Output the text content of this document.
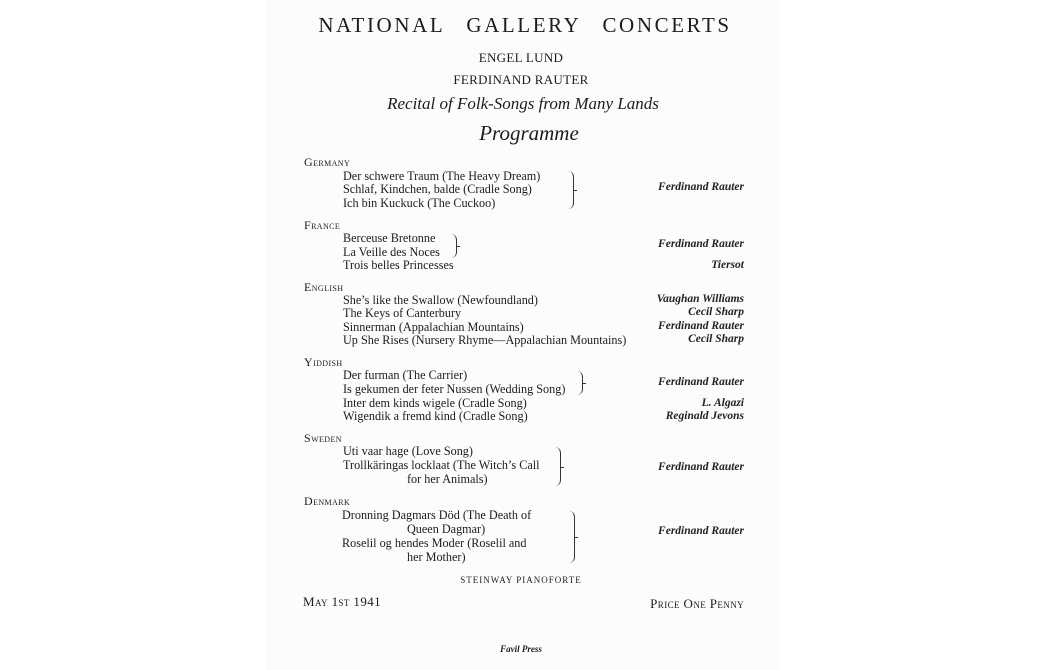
NATIONAL GALLERY CONCERTS
ENGEL LUND
FERDINAND RAUTER
Recital of Folk-Songs from Many Lands
Programme
Germany
Der schwere Traum (The Heavy Dream)
Schlaf, Kindchen, balde (Cradle Song)
Ich bin Kuckuck (The Cuckoo)
Ferdinand Rauter
France
Berceuse Bretonne
La Veille des Noces
Trois belles Princesses
Ferdinand Rauter
Tiersot
English
She’s like the Swallow (Newfoundland)
The Keys of Canterbury
Sinnerman (Appalachian Mountains)
Up She Rises (Nursery Rhyme—Appalachian Mountains)
Vaughan Williams
Cecil Sharp
Ferdinand Rauter
Cecil Sharp
Yiddish
Der furman (The Carrier)
Is gekumen der feter Nussen (Wedding Song)
Inter dem kinds wigele (Cradle Song)
Wigendik a fremd kind (Cradle Song)
Ferdinand Rauter
L. Algazi
Reginald Jevons
Sweden
Uti vaar hage (Love Song)
Trollkäringas locklaat (The Witch’s Call
for her Animals)
Ferdinand Rauter
Denmark
Dronning Dagmars Död (The Death of
Queen Dagmar)
Roselil og hendes Moder (Roselil and
her Mother)
Ferdinand Rauter
STEINWAY PIANOFORTE
May 1st 1941	Price One Penny
Favil Press
